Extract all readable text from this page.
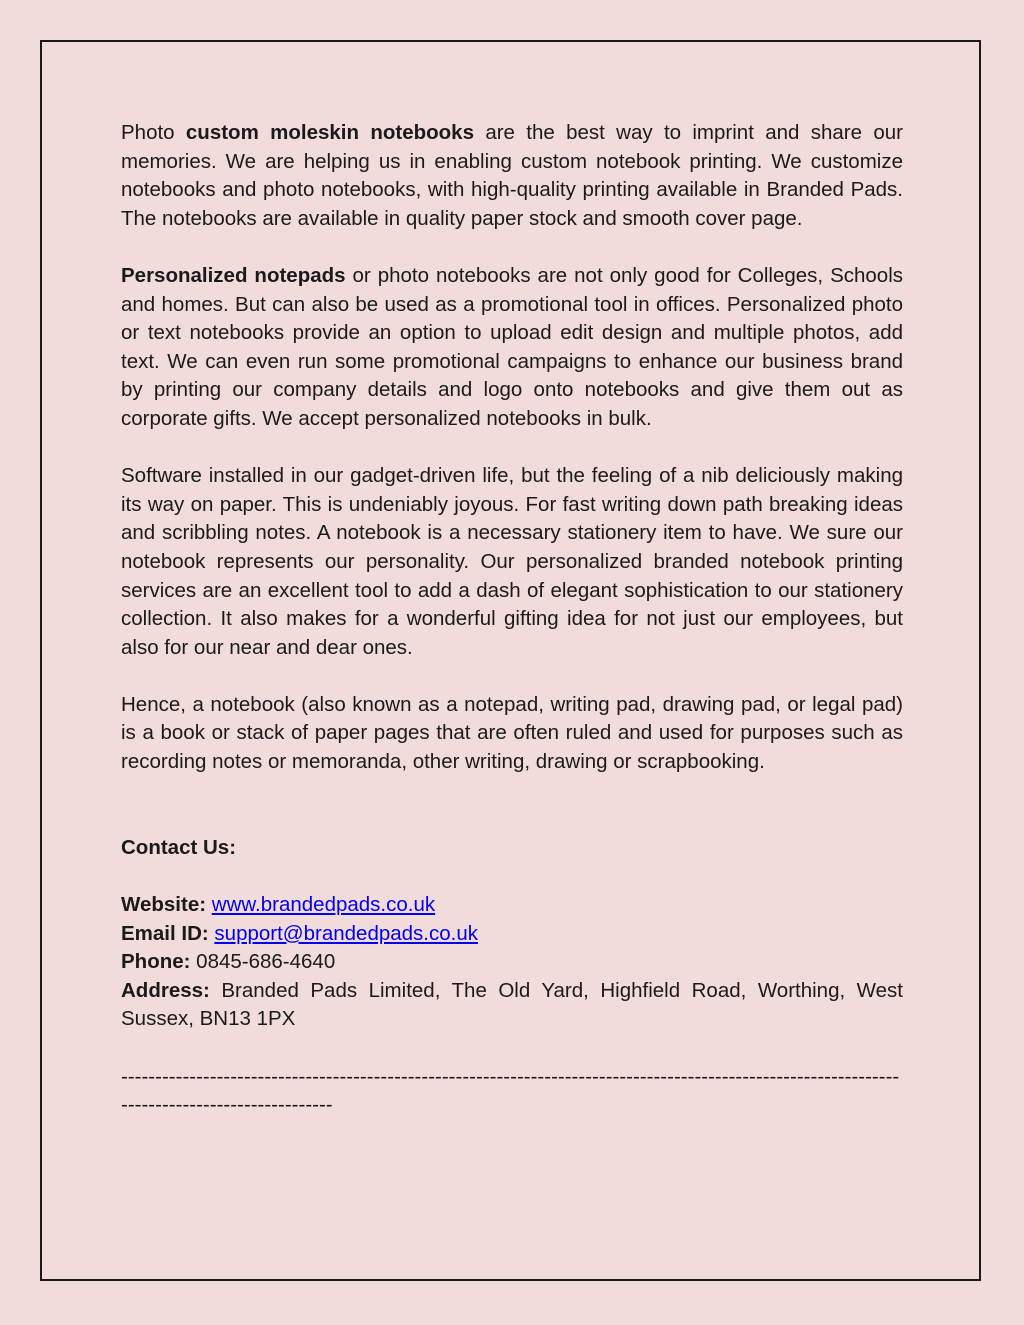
Photo custom moleskin notebooks are the best way to imprint and share our memories. We are helping us in enabling custom notebook printing. We customize notebooks and photo notebooks, with high-quality printing available in Branded Pads. The notebooks are available in quality paper stock and smooth cover page.

Personalized notepads or photo notebooks are not only good for Colleges, Schools and homes. But can also be used as a promotional tool in offices. Personalized photo or text notebooks provide an option to upload edit design and multiple photos, add text. We can even run some promotional campaigns to enhance our business brand by printing our company details and logo onto notebooks and give them out as corporate gifts. We accept personalized notebooks in bulk.

Software installed in our gadget-driven life, but the feeling of a nib deliciously making its way on paper. This is undeniably joyous. For fast writing down path breaking ideas and scribbling notes. A notebook is a necessary stationery item to have. We sure our notebook represents our personality. Our personalized branded notebook printing services are an excellent tool to add a dash of elegant sophistication to our stationery collection. It also makes for a wonderful gifting idea for not just our employees, but also for our near and dear ones.

Hence, a notebook (also known as a notepad, writing pad, drawing pad, or legal pad) is a book or stack of paper pages that are often ruled and used for purposes such as recording notes or memoranda, other writing, drawing or scrapbooking.

Contact Us:

Website: www.brandedpads.co.uk

Email ID: support@brandedpads.co.uk

Phone: 0845-686-4640

Address: Branded Pads Limited, The Old Yard, Highfield Road, Worthing, West Sussex, BN13 1PX

-------------------------------------------------------------------------------------------------------------------------------------------------
